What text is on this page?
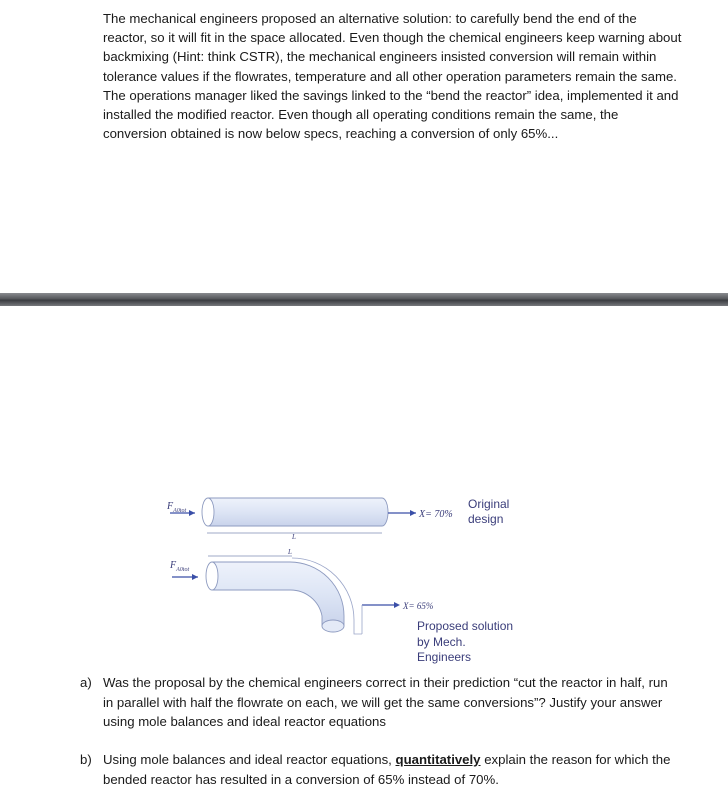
The mechanical engineers proposed an alternative solution: to carefully bend the end of the reactor, so it will fit in the space allocated. Even though the chemical engineers keep warning about backmixing (Hint: think CSTR), the mechanical engineers insisted conversion will remain within tolerance values if the flowrates, temperature and all other operation parameters remain the same. The operations manager liked the savings linked to the “bend the reactor” idea, implemented it and installed the modified reactor. Even though all operating conditions remain the same, the conversion obtained is now below specs, reaching a conversion of only 65%...

$F_{A0tot}$
L
X= 70%
Original
design
L
$F_{A0tot}$
X= 65%
Proposed solution
by Mech.
Engineers
a) Was the proposal by the chemical engineers correct in their prediction “cut the reactor in half, run in parallel with half the flowrate on each, we will get the same conversions”? Justify your answer using mole balances and ideal reactor equations
b) Using mole balances and ideal reactor equations, quantitatively explain the reason for which the bended reactor has resulted in a conversion of 65% instead of 70%.
